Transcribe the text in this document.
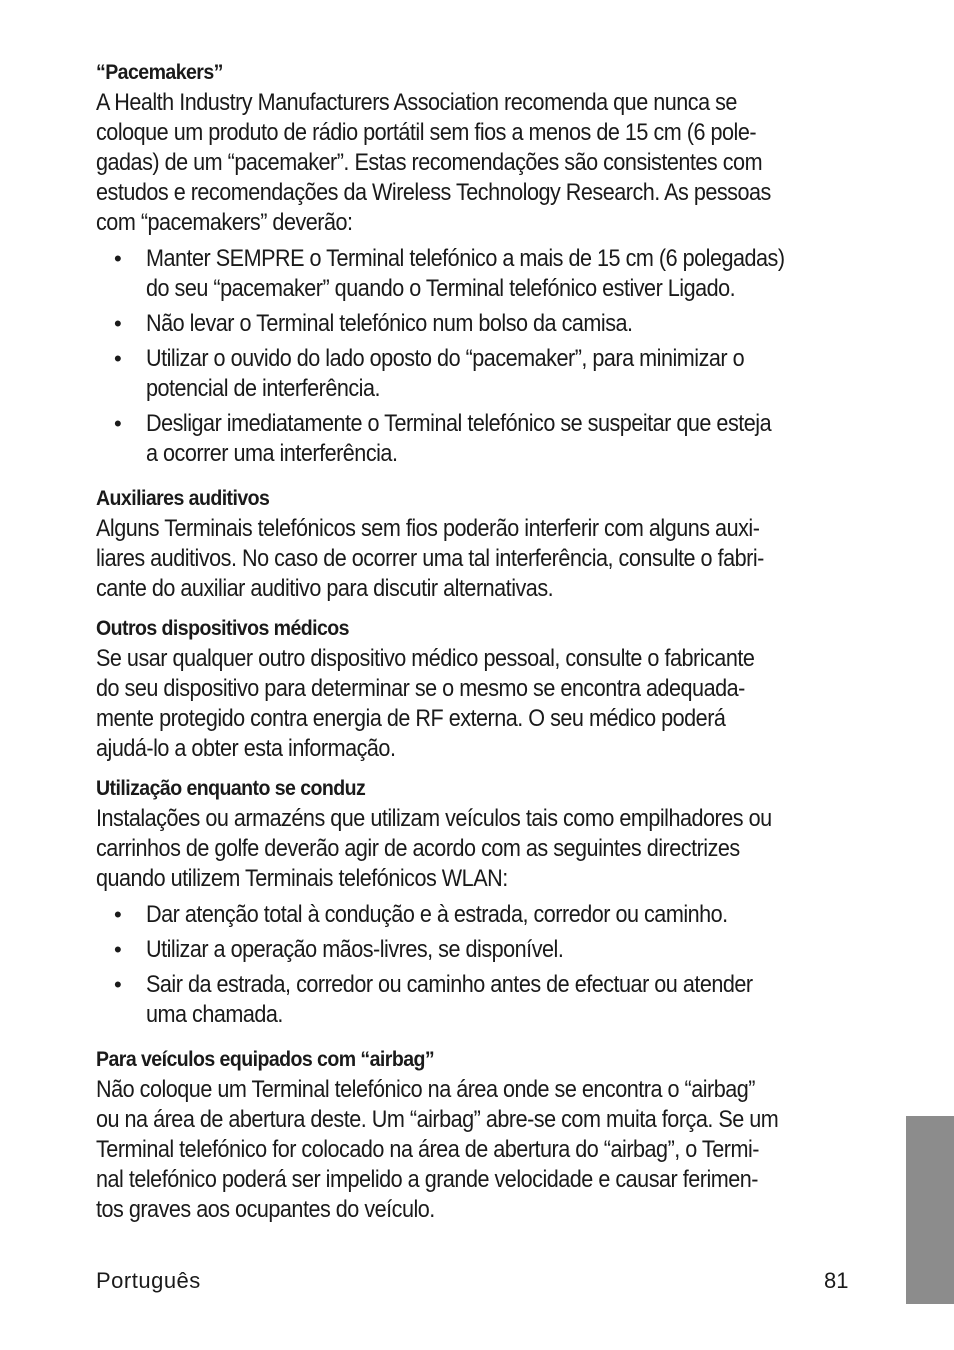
“Pacemakers”
A Health Industry Manufacturers Association recomenda que nunca se
coloque um produto de rádio portátil sem fios a menos de 15 cm (6 pole-
gadas) de um “pacemaker”. Estas recomendações são consistentes com
estudos e recomendações da Wireless Technology Research. As pessoas
com “pacemakers” deverão:
• Manter SEMPRE o Terminal telefónico a mais de 15 cm (6 polegadas)
do seu “pacemaker” quando o Terminal telefónico estiver Ligado.
• Não levar o Terminal telefónico num bolso da camisa.
• Utilizar o ouvido do lado oposto do “pacemaker”, para minimizar o
potencial de interferência.
• Desligar imediatamente o Terminal telefónico se suspeitar que esteja
a ocorrer uma interferência.
Auxiliares auditivos
Alguns Terminais telefónicos sem fios poderão interferir com alguns auxi-
liares auditivos. No caso de ocorrer uma tal interferência, consulte o fabri-
cante do auxiliar auditivo para discutir alternativas.
Outros dispositivos médicos
Se usar qualquer outro dispositivo médico pessoal, consulte o fabricante
do seu dispositivo para determinar se o mesmo se encontra adequada-
mente protegido contra energia de RF externa. O seu médico poderá
ajudá-lo a obter esta informação.
Utilização enquanto se conduz
Instalações ou armazéns que utilizam veículos tais como empilhadores ou
carrinhos de golfe deverão agir de acordo com as seguintes directrizes
quando utilizem Terminais telefónicos WLAN:
• Dar atenção total à condução e à estrada, corredor ou caminho.
• Utilizar a operação mãos-livres, se disponível.
• Sair da estrada, corredor ou caminho antes de efectuar ou atender
uma chamada.
Para veículos equipados com “airbag”
Não coloque um Terminal telefónico na área onde se encontra o “airbag”
ou na área de abertura deste. Um “airbag” abre-se com muita força. Se um
Terminal telefónico for colocado na área de abertura do “airbag”, o Termi-
nal telefónico poderá ser impelido a grande velocidade e causar ferimen-
tos graves aos ocupantes do veículo.
Português	81
